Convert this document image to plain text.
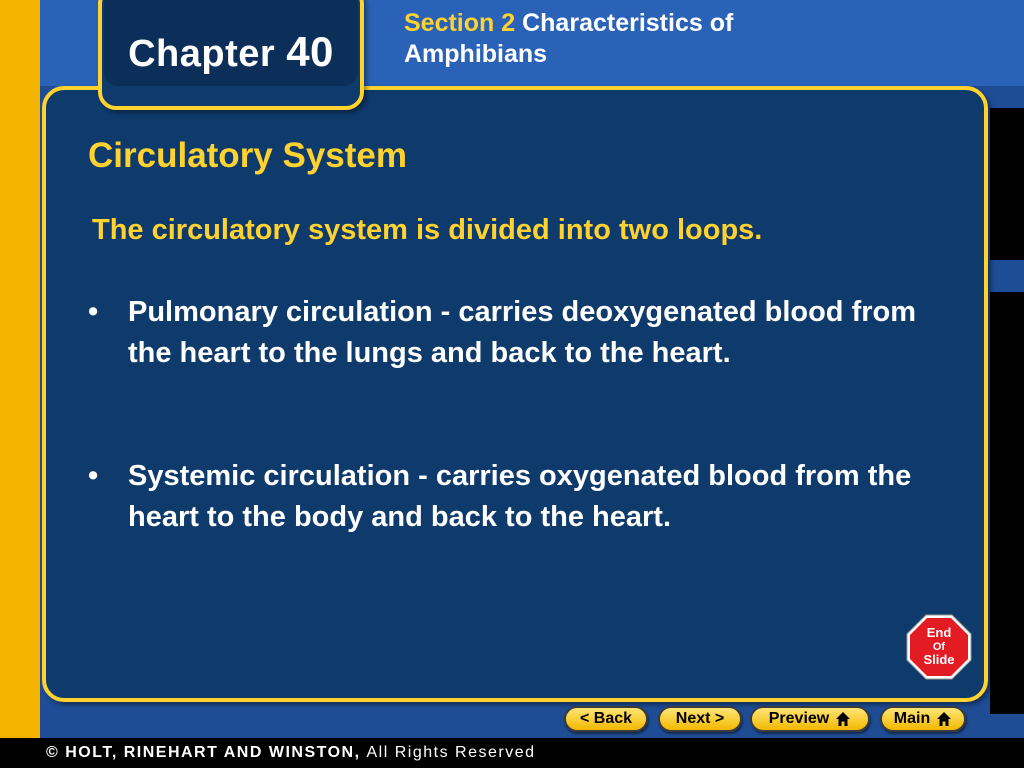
Chapter 40
Section 2 Characteristics of Amphibians
Circulatory System
The circulatory system is divided into two loops.
•	Pulmonary circulation - carries deoxygenated blood from the heart to the lungs and back to the heart.
•	Systemic circulation - carries oxygenated blood from the heart to the body and back to the heart.
End
Of
Slide
< Back	Next >	Preview	Main
© HOLT, RINEHART AND WINSTON, All Rights Reserved
